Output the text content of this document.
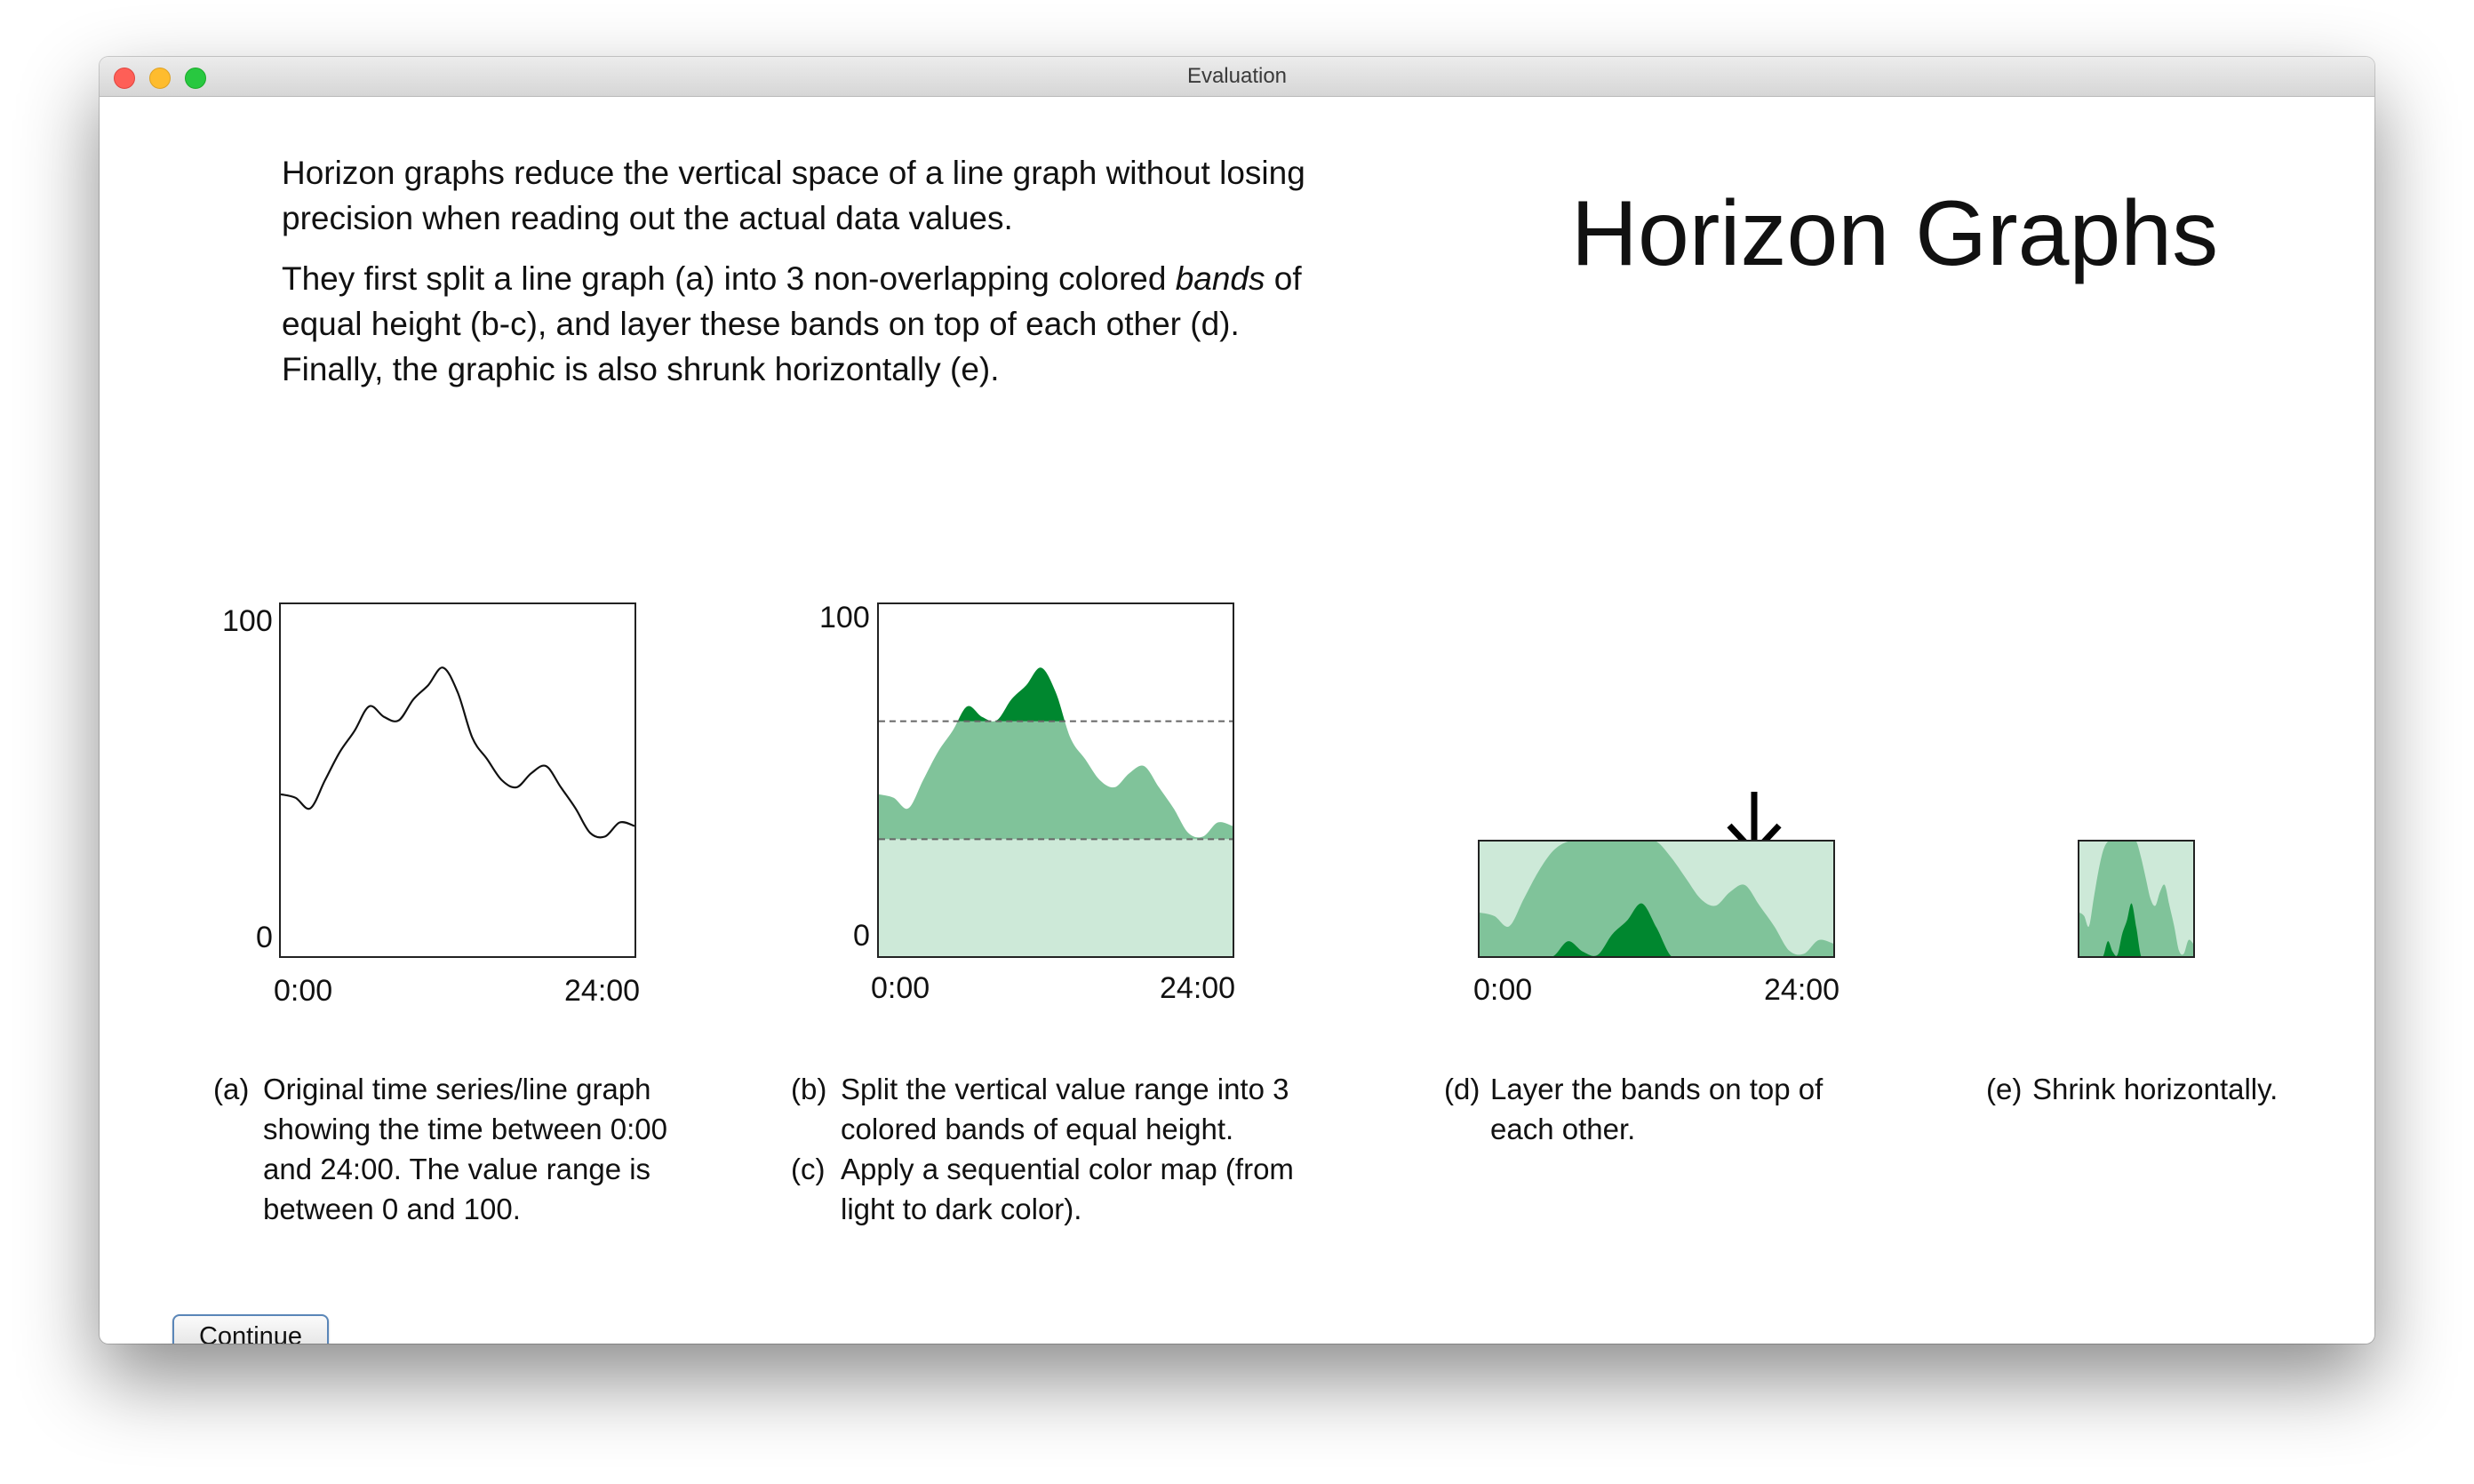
Evaluation

Horizon graphs reduce the vertical space of a line graph without losing precision when reading out the actual data values.

They first split a line graph (a) into 3 non-overlapping colored bands of equal height (b-c), and layer these bands on top of each other (d). Finally, the graphic is also shrunk horizontally (e).

Horizon Graphs
100
0
0:00	24:00
100
0
0:00	24:00	0:00	24:00
(a) Original time series/line graph showing the time between 0:00 and 24:00. The value range is between 0 and 100.
(b) Split the vertical value range into 3 colored bands of equal height.
(c) Apply a sequential color map (from light to dark color).
(d) Layer the bands on top of each other.
(e) Shrink horizontally.
Continue
